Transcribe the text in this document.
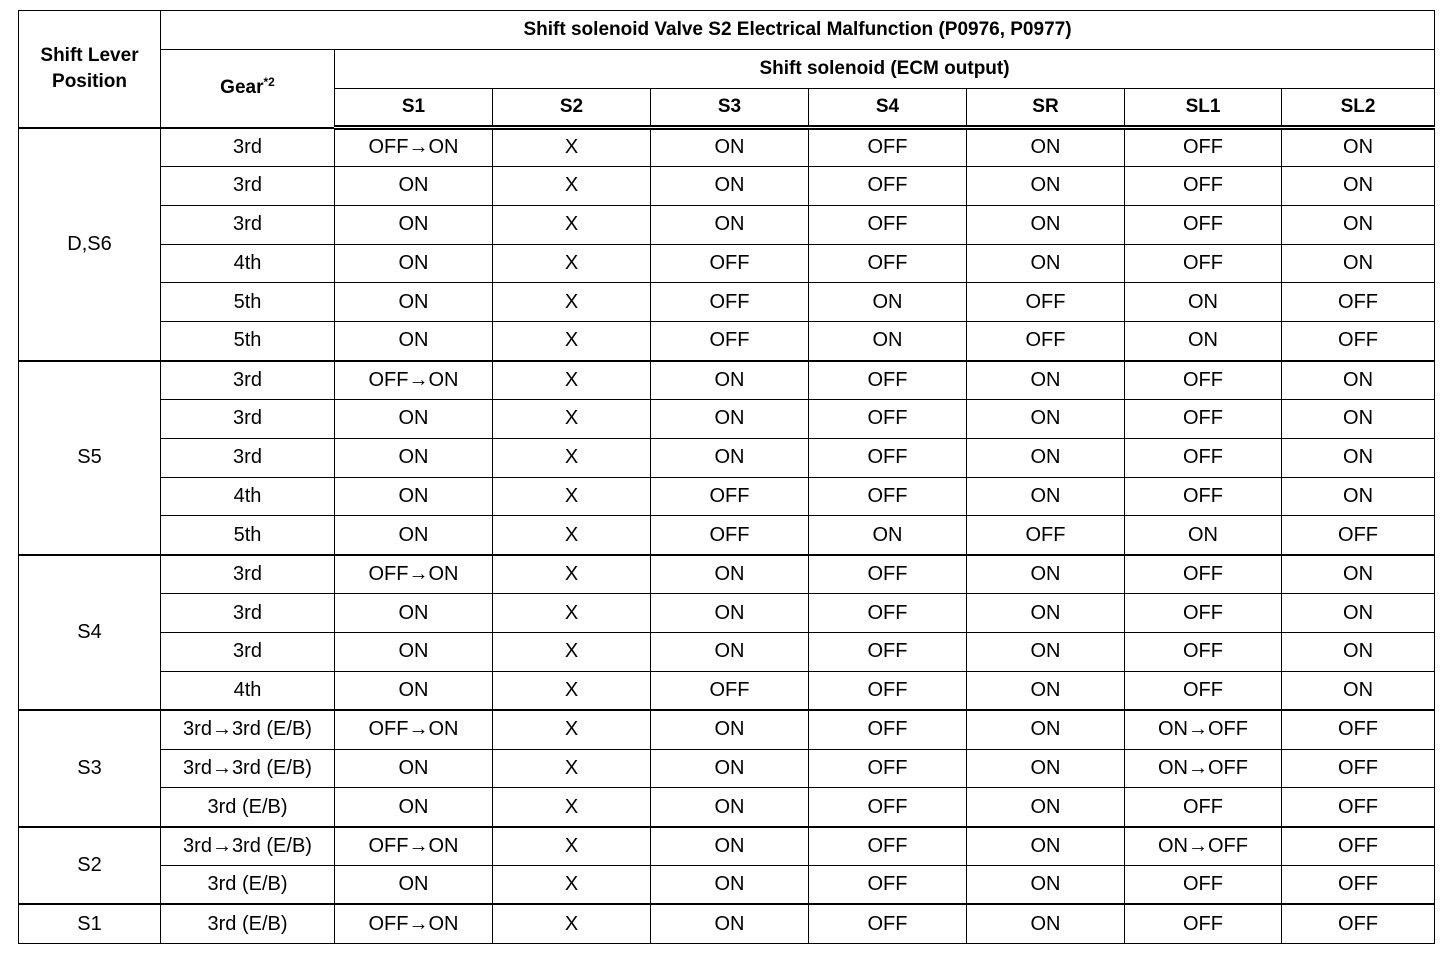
Shift Lever
Position	Shift solenoid Valve S2 Electrical Malfunction (P0976, P0977)							
	Gear$^{*2}$	Shift solenoid (ECM output)						
		S1	S2	S3	S4	SR	SL1	SL2
D,S6	3rd	OFF→ON	X	ON	OFF	ON	OFF	ON
	3rd	ON	X	ON	OFF	ON	OFF	ON
	3rd	ON	X	ON	OFF	ON	OFF	ON
	4th	ON	X	OFF	OFF	ON	OFF	ON
	5th	ON	X	OFF	ON	OFF	ON	OFF
	5th	ON	X	OFF	ON	OFF	ON	OFF
S5	3rd	OFF→ON	X	ON	OFF	ON	OFF	ON
	3rd	ON	X	ON	OFF	ON	OFF	ON
	3rd	ON	X	ON	OFF	ON	OFF	ON
	4th	ON	X	OFF	OFF	ON	OFF	ON
	5th	ON	X	OFF	ON	OFF	ON	OFF
S4	3rd	OFF→ON	X	ON	OFF	ON	OFF	ON
	3rd	ON	X	ON	OFF	ON	OFF	ON
	3rd	ON	X	ON	OFF	ON	OFF	ON
	4th	ON	X	OFF	OFF	ON	OFF	ON
S3	3rd→3rd (E/B)	OFF→ON	X	ON	OFF	ON	ON→OFF	OFF
	3rd→3rd (E/B)	ON	X	ON	OFF	ON	ON→OFF	OFF
	3rd (E/B)	ON	X	ON	OFF	ON	OFF	OFF
S2	3rd→3rd (E/B)	OFF→ON	X	ON	OFF	ON	ON→OFF	OFF
	3rd (E/B)	ON	X	ON	OFF	ON	OFF	OFF
S1	3rd (E/B)	OFF→ON	X	ON	OFF	ON	OFF	OFF
